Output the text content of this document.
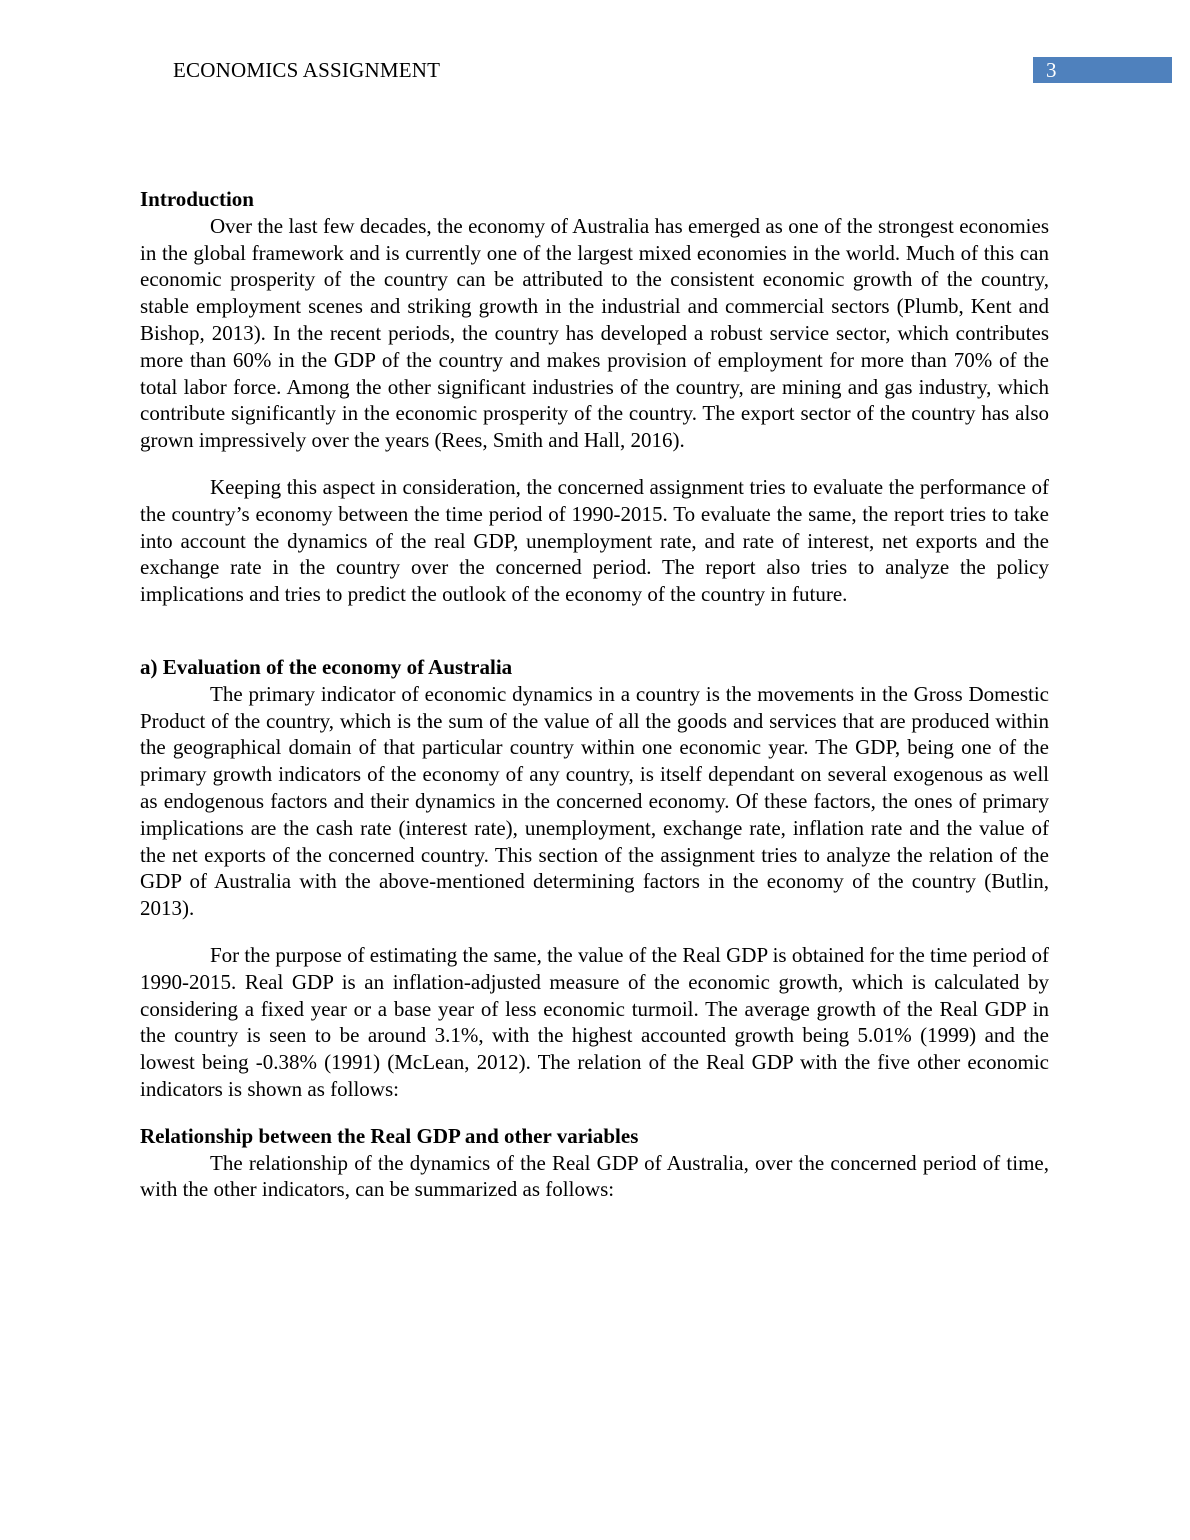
ECONOMICS ASSIGNMENT	3
Introduction

Over the last few decades, the economy of Australia has emerged as one of the strongest economies in the global framework and is currently one of the largest mixed economies in the world. Much of this can economic prosperity of the country can be attributed to the consistent economic growth of the country, stable employment scenes and striking growth in the industrial and commercial sectors (Plumb, Kent and Bishop, 2013). In the recent periods, the country has developed a robust service sector, which contributes more than 60% in the GDP of the country and makes provision of employment for more than 70% of the total labor force. Among the other significant industries of the country, are mining and gas industry, which contribute significantly in the economic prosperity of the country. The export sector of the country has also grown impressively over the years (Rees, Smith and Hall, 2016).

Keeping this aspect in consideration, the concerned assignment tries to evaluate the performance of the country’s economy between the time period of 1990-2015. To evaluate the same, the report tries to take into account the dynamics of the real GDP, unemployment rate, and rate of interest, net exports and the exchange rate in the country over the concerned period. The report also tries to analyze the policy implications and tries to predict the outlook of the economy of the country in future.

a) Evaluation of the economy of Australia

The primary indicator of economic dynamics in a country is the movements in the Gross Domestic Product of the country, which is the sum of the value of all the goods and services that are produced within the geographical domain of that particular country within one economic year. The GDP, being one of the primary growth indicators of the economy of any country, is itself dependant on several exogenous as well as endogenous factors and their dynamics in the concerned economy. Of these factors, the ones of primary implications are the cash rate (interest rate), unemployment, exchange rate, inflation rate and the value of the net exports of the concerned country. This section of the assignment tries to analyze the relation of the GDP of Australia with the above-mentioned determining factors in the economy of the country (Butlin, 2013).

For the purpose of estimating the same, the value of the Real GDP is obtained for the time period of 1990-2015. Real GDP is an inflation-adjusted measure of the economic growth, which is calculated by considering a fixed year or a base year of less economic turmoil. The average growth of the Real GDP in the country is seen to be around 3.1%, with the highest accounted growth being 5.01% (1999) and the lowest being -0.38% (1991) (McLean, 2012). The relation of the Real GDP with the five other economic indicators is shown as follows:

Relationship between the Real GDP and other variables

The relationship of the dynamics of the Real GDP of Australia, over the concerned period of time, with the other indicators, can be summarized as follows:
